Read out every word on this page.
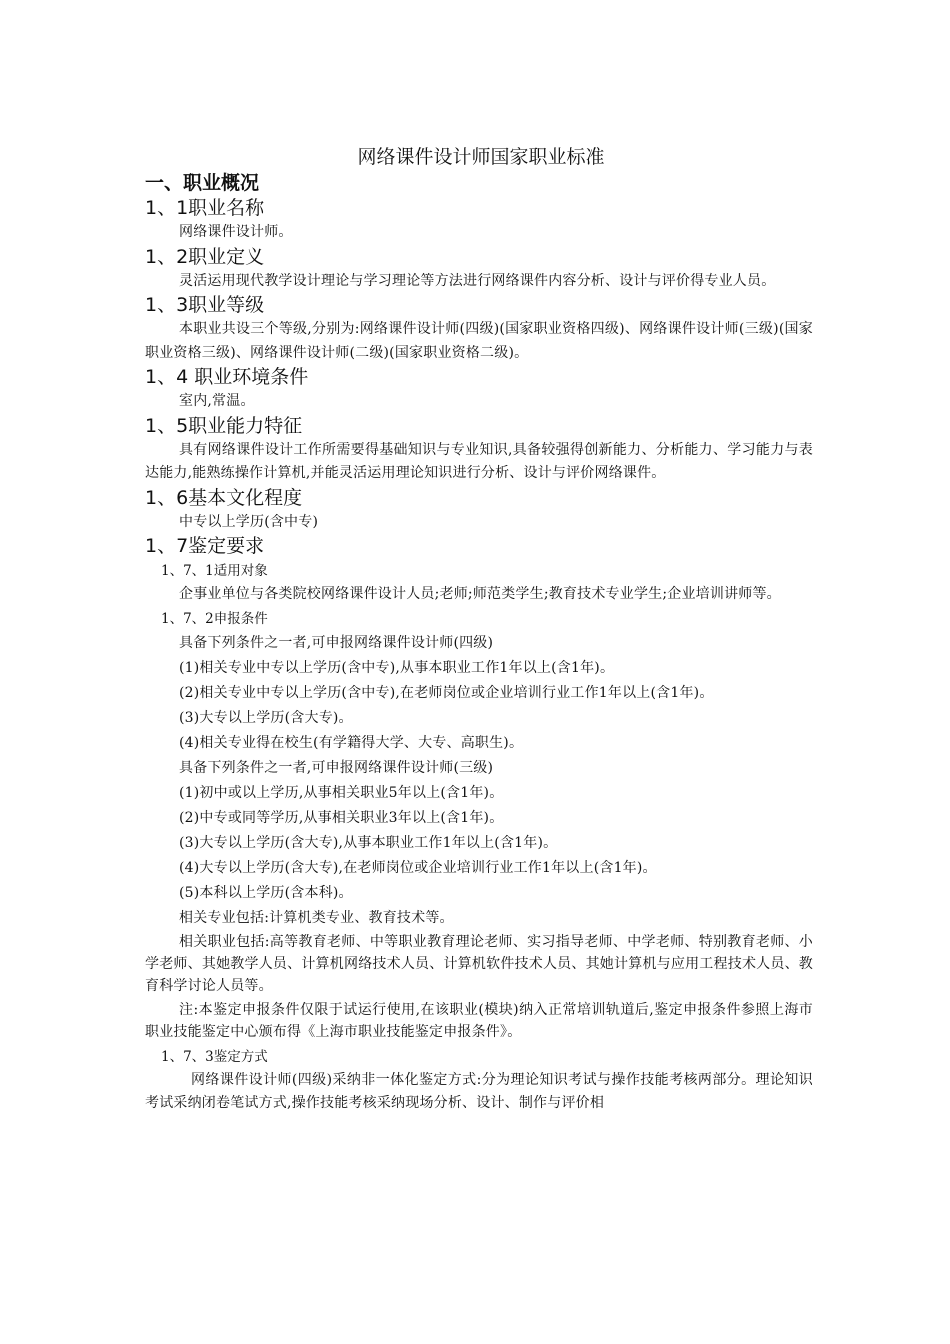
网络课件设计师国家职业标准
一、职业概况
1、1职业名称

网络课件设计师。

1、2职业定义

灵活运用现代教学设计理论与学习理论等方法进行网络课件内容分析、设计与评价得专业人员。

1、3职业等级

本职业共设三个等级,分别为:网络课件设计师(四级)(国家职业资格四级)、网络课件设计师(三级)(国家职业资格三级)、网络课件设计师(二级)(国家职业资格二级)。

1、4 职业环境条件

室内,常温。

1、5职业能力特征

具有网络课件设计工作所需要得基础知识与专业知识,具备较强得创新能力、分析能力、学习能力与表达能力,能熟练操作计算机,并能灵活运用理论知识进行分析、设计与评价网络课件。

1、6基本文化程度

中专以上学历(含中专)

1、7鉴定要求
1、7、1适用对象

企事业单位与各类院校网络课件设计人员;老师;师范类学生;教育技术专业学生;企业培训讲师等。

1、7、2申报条件

具备下列条件之一者,可申报网络课件设计师(四级)

(1)相关专业中专以上学历(含中专),从事本职业工作1年以上(含1年)。

(2)相关专业中专以上学历(含中专),在老师岗位或企业培训行业工作1年以上(含1年)。

(3)大专以上学历(含大专)。

(4)相关专业得在校生(有学籍得大学、大专、高职生)。

具备下列条件之一者,可申报网络课件设计师(三级)

(1)初中或以上学历,从事相关职业5年以上(含1年)。

(2)中专或同等学历,从事相关职业3年以上(含1年)。

(3)大专以上学历(含大专),从事本职业工作1年以上(含1年)。

(4)大专以上学历(含大专),在老师岗位或企业培训行业工作1年以上(含1年)。

(5)本科以上学历(含本科)。

相关专业包括:计算机类专业、教育技术等。

相关职业包括:高等教育老师、中等职业教育理论老师、实习指导老师、中学老师、特别教育老师、小学老师、其她教学人员、计算机网络技术人员、计算机软件技术人员、其她计算机与应用工程技术人员、教育科学讨论人员等。

注:本鉴定申报条件仅限于试运行使用,在该职业(模块)纳入正常培训轨道后,鉴定申报条件参照上海市职业技能鉴定中心颁布得《上海市职业技能鉴定申报条件》。

1、7、3鉴定方式

网络课件设计师(四级)采纳非一体化鉴定方式:分为理论知识考试与操作技能考核两部分。理论知识考试采纳闭卷笔试方式,操作技能考核采纳现场分析、设计、制作与评价相
